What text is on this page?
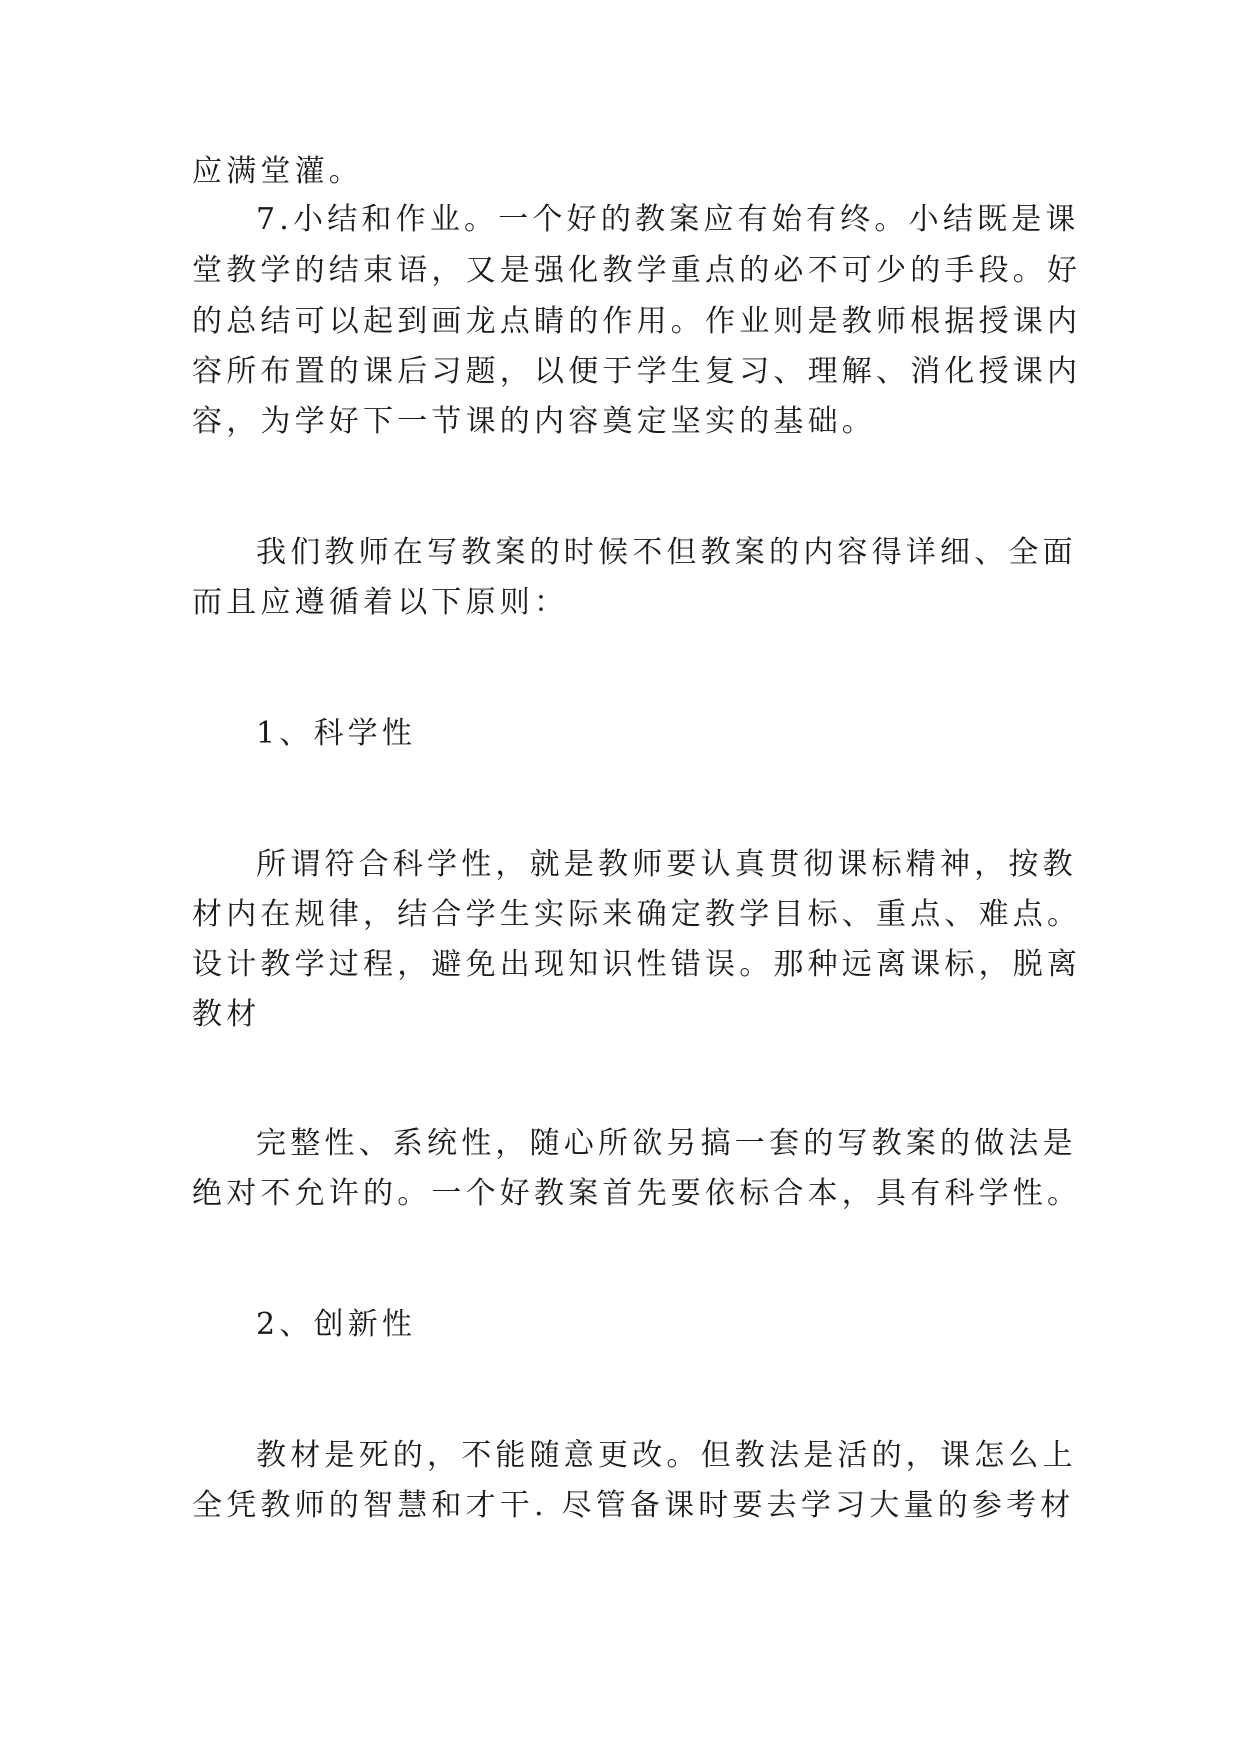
应满堂灌。
7.小结和作业。一个好的教案应有始有终。小结既是课
堂教学的结束语，又是强化教学重点的必不可少的手段。好
的总结可以起到画龙点睛的作用。作业则是教师根据授课内
容所布置的课后习题，以便于学生复习、理解、消化授课内
容，为学好下一节课的内容奠定坚实的基础。
我们教师在写教案的时候不但教案的内容得详细、全面
而且应遵循着以下原则：
1、科学性
所谓符合科学性，就是教师要认真贯彻课标精神，按教
材内在规律，结合学生实际来确定教学目标、重点、难点。
设计教学过程，避免出现知识性错误。那种远离课标，脱离
教材
完整性、系统性，随心所欲另搞一套的写教案的做法是
绝对不允许的。一个好教案首先要依标合本，具有科学性。
2、创新性
教材是死的，不能随意更改。但教法是活的，课怎么上
全凭教师的智慧和才干. 尽管备课时要去学习大量的参考材
